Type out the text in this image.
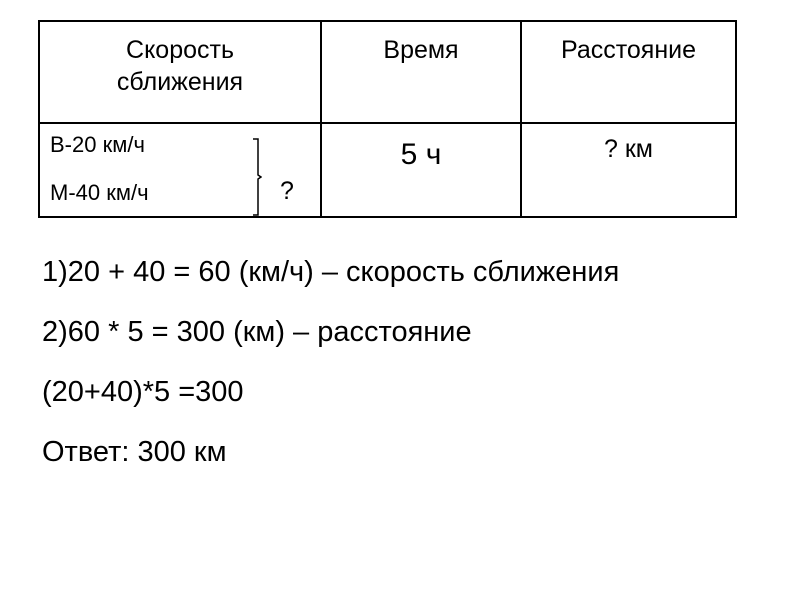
Скорость
сближения	Время	Расстояние

В-20 км/ч
М-40 км/ч ?	5 ч	? км
1)20 + 40 = 60 (км/ч) – скорость сближения
2)60 * 5 = 300 (км) – расстояние
(20+40)*5 =300
Ответ: 300 км
